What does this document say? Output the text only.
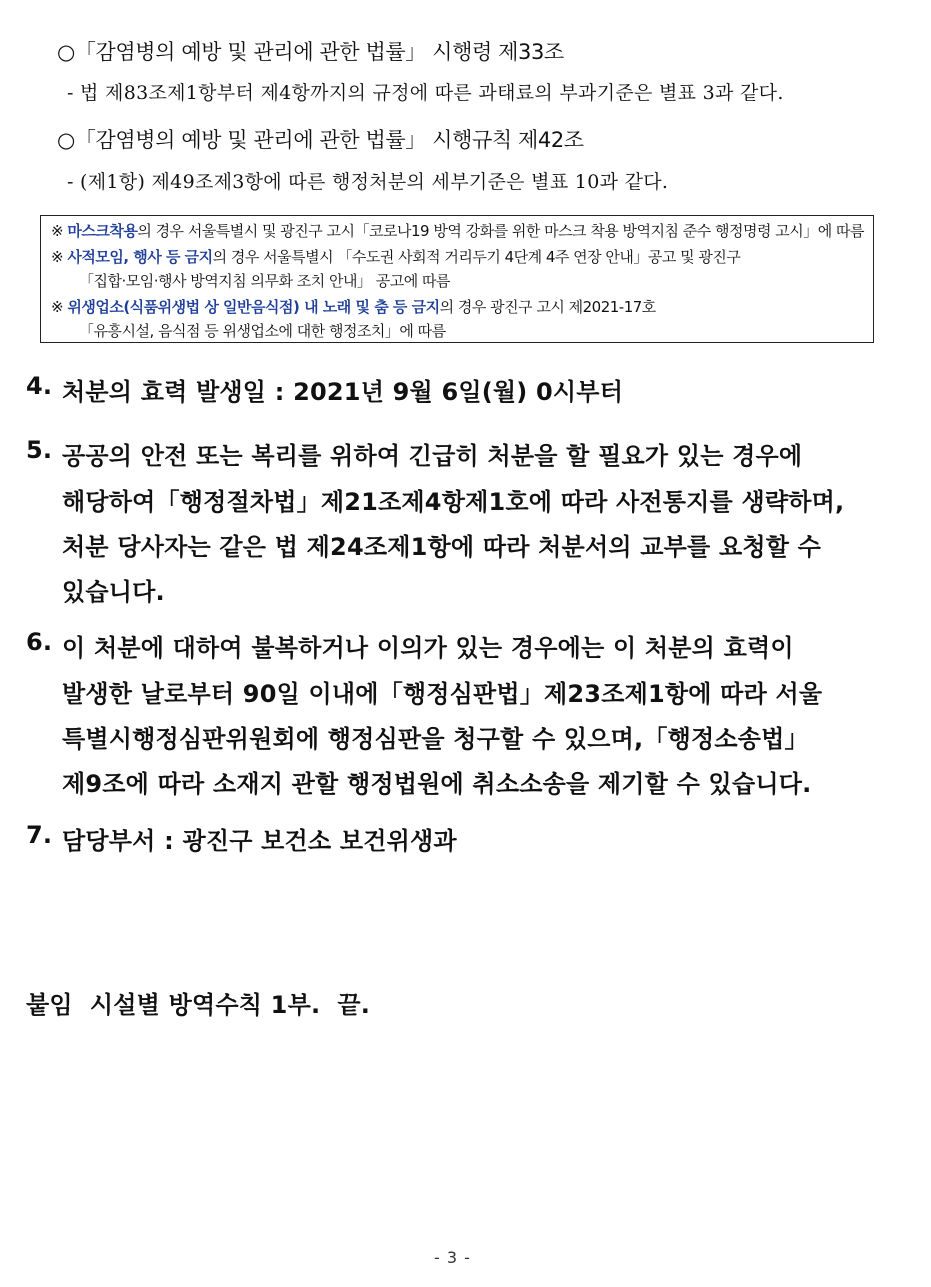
○「감염병의 예방 및 관리에 관한 법률」 시행령 제33조
- 법 제83조제1항부터 제4항까지의 규정에 따른 과태료의 부과기준은 별표 3과 같다.
○「감염병의 예방 및 관리에 관한 법률」 시행규칙 제42조
- (제1항) 제49조제3항에 따른 행정처분의 세부기준은 별표 10과 같다.
※ 마스크착용의 경우 서울특별시 및 광진구 고시「코로나19 방역 강화를 위한 마스크 착용 방역지침 준수 행정명령 고시」에 따름
※ 사적모임, 행사 등 금지의 경우 서울특별시 「수도권 사회적 거리두기 4단계 4주 연장 안내」공고 및 광진구
「집합·모임·행사 방역지침 의무화 조치 안내」 공고에 따름
※ 위생업소(식품위생법 상 일반음식점) 내 노래 및 춤 등 금지의 경우 광진구 고시 제2021-17호
「유흥시설, 음식점 등 위생업소에 대한 행정조치」에 따름
4. 처분의 효력 발생일 : 2021년 9월 6일(월) 0시부터
5. 공공의 안전 또는 복리를 위하여 긴급히 처분을 할 필요가 있는 경우에
해당하여「행정절차법」제21조제4항제1호에 따라 사전통지를 생략하며,
처분 당사자는 같은 법 제24조제1항에 따라 처분서의 교부를 요청할 수
있습니다.
6. 이 처분에 대하여 불복하거나 이의가 있는 경우에는 이 처분의 효력이
발생한 날로부터 90일 이내에「행정심판법」제23조제1항에 따라 서울
특별시행정심판위원회에 행정심판을 청구할 수 있으며,「행정소송법」
제9조에 따라 소재지 관할 행정법원에 취소소송을 제기할 수 있습니다.
7. 담당부서 : 광진구 보건소 보건위생과
붙임  시설별 방역수칙 1부.  끝.
- 3 -
